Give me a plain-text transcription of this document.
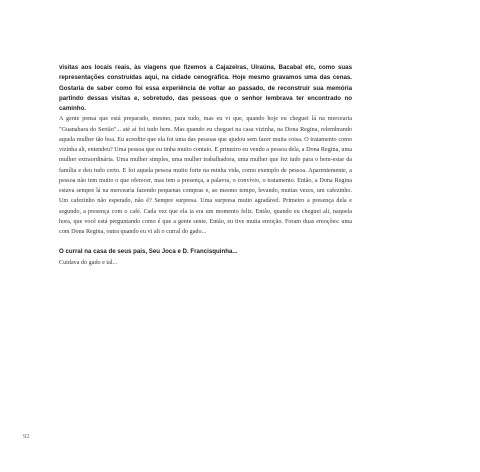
visitas aos locais reais, às viagens que fizemos a Cajazeiras, Uiraúna, Bacabal etc, como suas representações construídas aqui, na cidade cenográfica. Hoje mesmo gravamos uma das cenas. Gostaria de saber como foi essa experiência de voltar ao passado, de reconstruir sua memória partindo dessas visitas e, sobretudo, das pessoas que o senhor lembrava ter encontrado no caminho.

A gente pensa que está preparado, mesmo, para tudo, mas eu vi que, quando hoje eu cheguei lá na mercearia "Guanabara do Sertão"... até aí foi tudo bem. Mas quando eu cheguei na casa vizinha, na Dona Regina, relembrando aquela mulher tão boa. Eu acredito que ela foi uma das pessoas que ajudou sem fazer muita coisa. O tratamento como vizinha ali, entendeu? Uma pessoa que eu tinha muito contato. E primeiro eu vendo a pessoa dela, a Dona Regina, uma mulher extraordinária. Uma mulher simples, uma mulher trabalhadora, uma mulher que fez tudo para o bem-estar da família e deu tudo certo. E foi aquela pessoa muito forte na minha vida, como exemplo de pessoa. Aparentemente, a pessoa não tem muito o que oferecer, mas tem a presença, a palavra, o convívio, o tratamento. Então, a Dona Regina estava sempre lá na mercearia fazendo pequenas compras e, ao mesmo tempo, levando, muitas vezes, um cafezinho. Um cafezinho não esperado, não é? Sempre surpresa. Uma surpresa muito agradável. Primeiro a presença dela e segundo, a presença com o café. Cada vez que ela ia era um momento feliz. Então, quando eu cheguei ali, naquela hora, que você está perguntando como é que a gente sente. Então, eu tive muita emoção. Foram duas emoções: uma com Dona Regina, outra quando eu vi ali o curral do gado...

O curral na casa de seus pais, Seu Joca e D. Francisquinha...

Cuidava do gado e tal...

92
